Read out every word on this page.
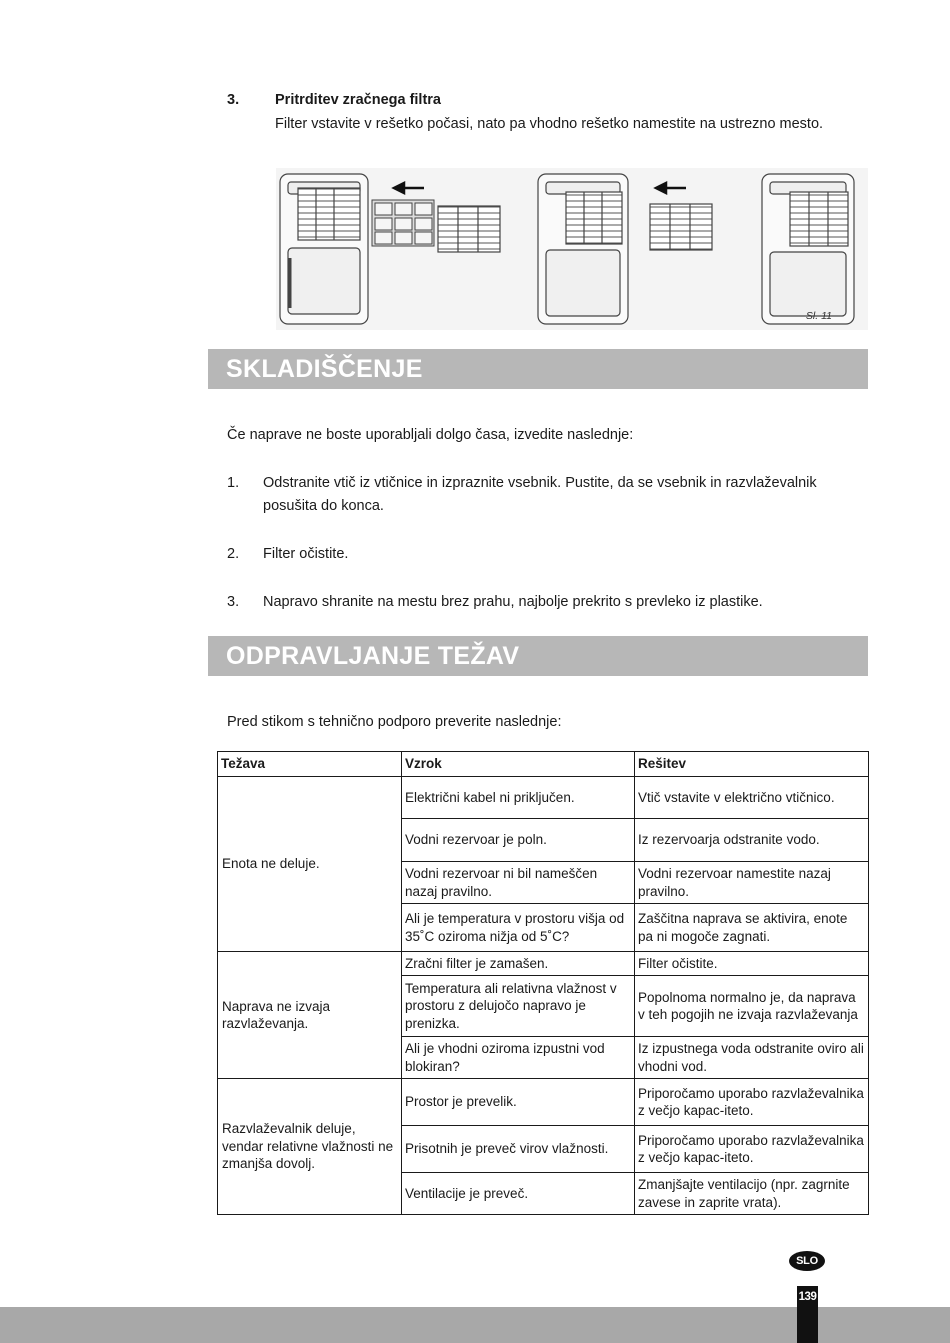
3. Pritrditev zračnega filtra
Filter vstavite v rešetko počasi, nato pa vhodno rešetko namestite na ustrezno mesto.
Sl. 11
SKLADIŠČENJE
Če naprave ne boste uporabljali dolgo časa, izvedite naslednje:
1. Odstranite vtič iz vtičnice in izpraznite vsebnik. Pustite, da se vsebnik in razvlaževalnik posušita do konca.
2. Filter očistite.
3. Napravo shranite na mestu brez prahu, najbolje prekrito s prevleko iz plastike.
ODPRAVLJANJE TEŽAV
Pred stikom s tehnično podporo preverite naslednje:
Težava	Vzrok	Rešitev
Enota ne deluje.	Električni kabel ni priključen.	Vtič vstavite v električno vtičnico.
	Vodni rezervoar je poln.	Iz rezervoarja odstranite vodo.
	Vodni rezervoar ni bil nameščen nazaj pravilno.	Vodni rezervoar namestite nazaj pravilno.
	Ali je temperatura v prostoru višja od 35˚C oziroma nižja od 5˚C?	Zaščitna naprava se aktivira, enote pa ni mogoče zagnati.
Naprava ne izvaja razvlaževanja.	Zračni filter je zamašen.	Filter očistite.
	Temperatura ali relativna vlažnost v prostoru z delujočo napravo je prenizka.	Popolnoma normalno je, da naprava v teh pogojih ne izvaja razvlaževanja
	Ali je vhodni oziroma izpustni vod blokiran?	Iz izpustnega voda odstranite oviro ali vhodni vod.
Razvlaževalnik deluje, vendar relativne vlažnosti ne zmanjša dovolj.	Prostor je prevelik.	Priporočamo uporabo razvlaževalnika z večjo kapac-iteto.
	Prisotnih je preveč virov vlažnosti.	Priporočamo uporabo razvlaževalnika z večjo kapac-iteto.
	Ventilacije je preveč.	Zmanjšajte ventilacijo (npr. zagrnite zavese in zaprite vrata).
SLO
139
